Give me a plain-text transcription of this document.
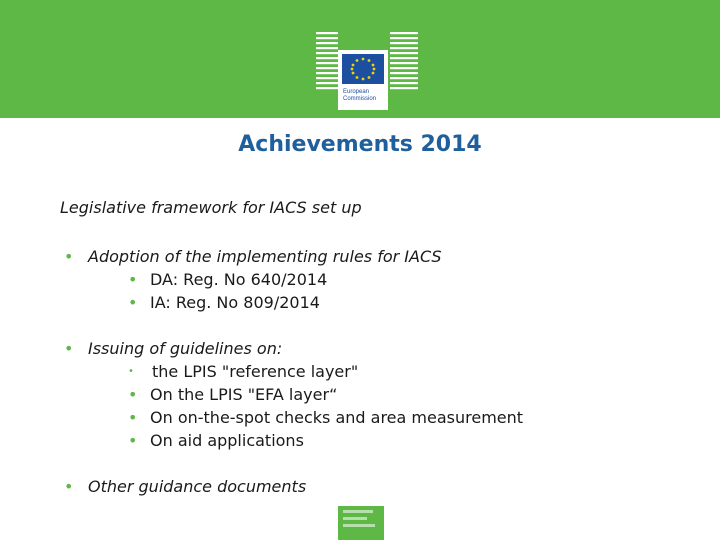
European
Commission
Achievements 2014
Legislative framework for IACS set up
• Adoption of the implementing rules for IACS
• DA: Reg. No 640/2014
• IA: Reg. No 809/2014
• Issuing of guidelines on:
• the LPIS "reference layer"
• On the LPIS "EFA layer“
• On on-the-spot checks and area measurement
• On aid applications
• Other guidance documents
